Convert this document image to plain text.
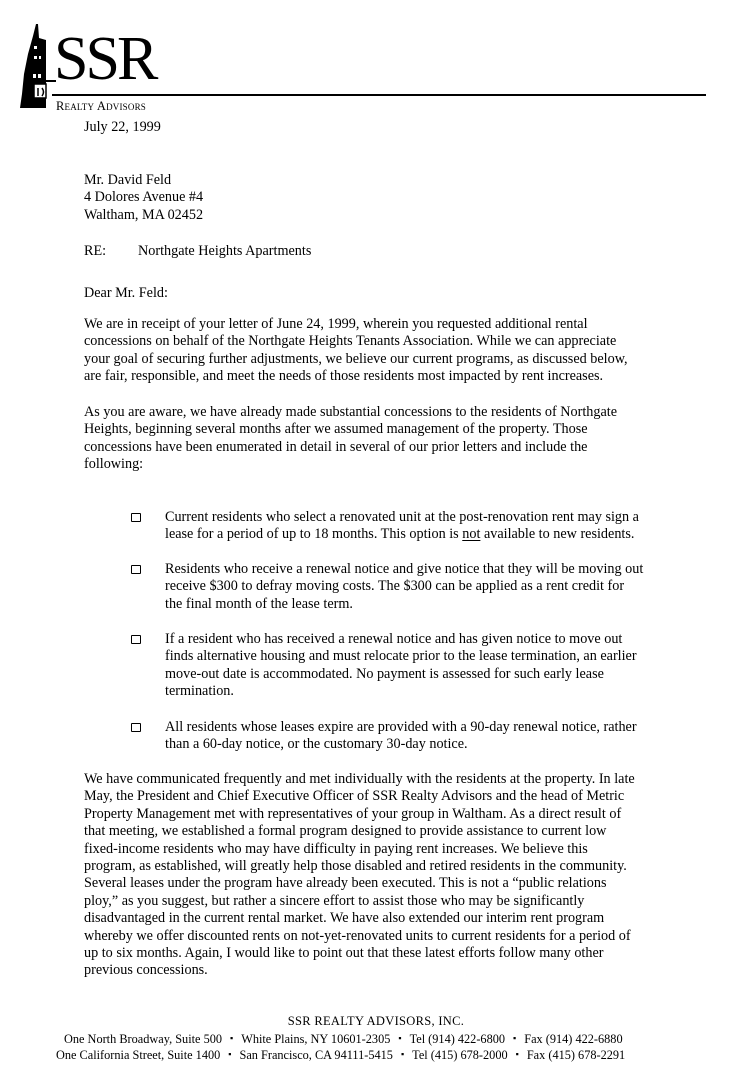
SSR
Realty Advisors
July 22, 1999
Mr. David Feld
4 Dolores Avenue #4
Waltham, MA 02452
RE: Northgate Heights Apartments
Dear Mr. Feld:
We are in receipt of your letter of June 24, 1999, wherein you requested additional rental
concessions on behalf of the Northgate Heights Tenants Association. While we can appreciate
your goal of securing further adjustments, we believe our current programs, as discussed below,
are fair, responsible, and meet the needs of those residents most impacted by rent increases.
As you are aware, we have already made substantial concessions to the residents of Northgate
Heights, beginning several months after we assumed management of the property. Those
concessions have been enumerated in detail in several of our prior letters and include the
following:
Current residents who select a renovated unit at the post-renovation rent may sign a
lease for a period of up to 18 months. This option is not available to new residents.
Residents who receive a renewal notice and give notice that they will be moving out
receive $300 to defray moving costs. The $300 can be applied as a rent credit for
the final month of the lease term.
If a resident who has received a renewal notice and has given notice to move out
finds alternative housing and must relocate prior to the lease termination, an earlier
move-out date is accommodated. No payment is assessed for such early lease
termination.
All residents whose leases expire are provided with a 90-day renewal notice, rather
than a 60-day notice, or the customary 30-day notice.
We have communicated frequently and met individually with the residents at the property. In late
May, the President and Chief Executive Officer of SSR Realty Advisors and the head of Metric
Property Management met with representatives of your group in Waltham. As a direct result of
that meeting, we established a formal program designed to provide assistance to current low
fixed-income residents who may have difficulty in paying rent increases. We believe this
program, as established, will greatly help those disabled and retired residents in the community.
Several leases under the program have already been executed. This is not a “public relations
ploy,” as you suggest, but rather a sincere effort to assist those who may be significantly
disadvantaged in the current rental market. We have also extended our interim rent program
whereby we offer discounted rents on not-yet-renovated units to current residents for a period of
up to six months. Again, I would like to point out that these latest efforts follow many other
previous concessions.
SSR REALTY ADVISORS, INC.
One North Broadway, Suite 500 ▪ White Plains, NY 10601-2305 ▪ Tel (914) 422-6800 ▪ Fax (914) 422-6880
One California Street, Suite 1400 ▪ San Francisco, CA 94111-5415 ▪ Tel (415) 678-2000 ▪ Fax (415) 678-2291
